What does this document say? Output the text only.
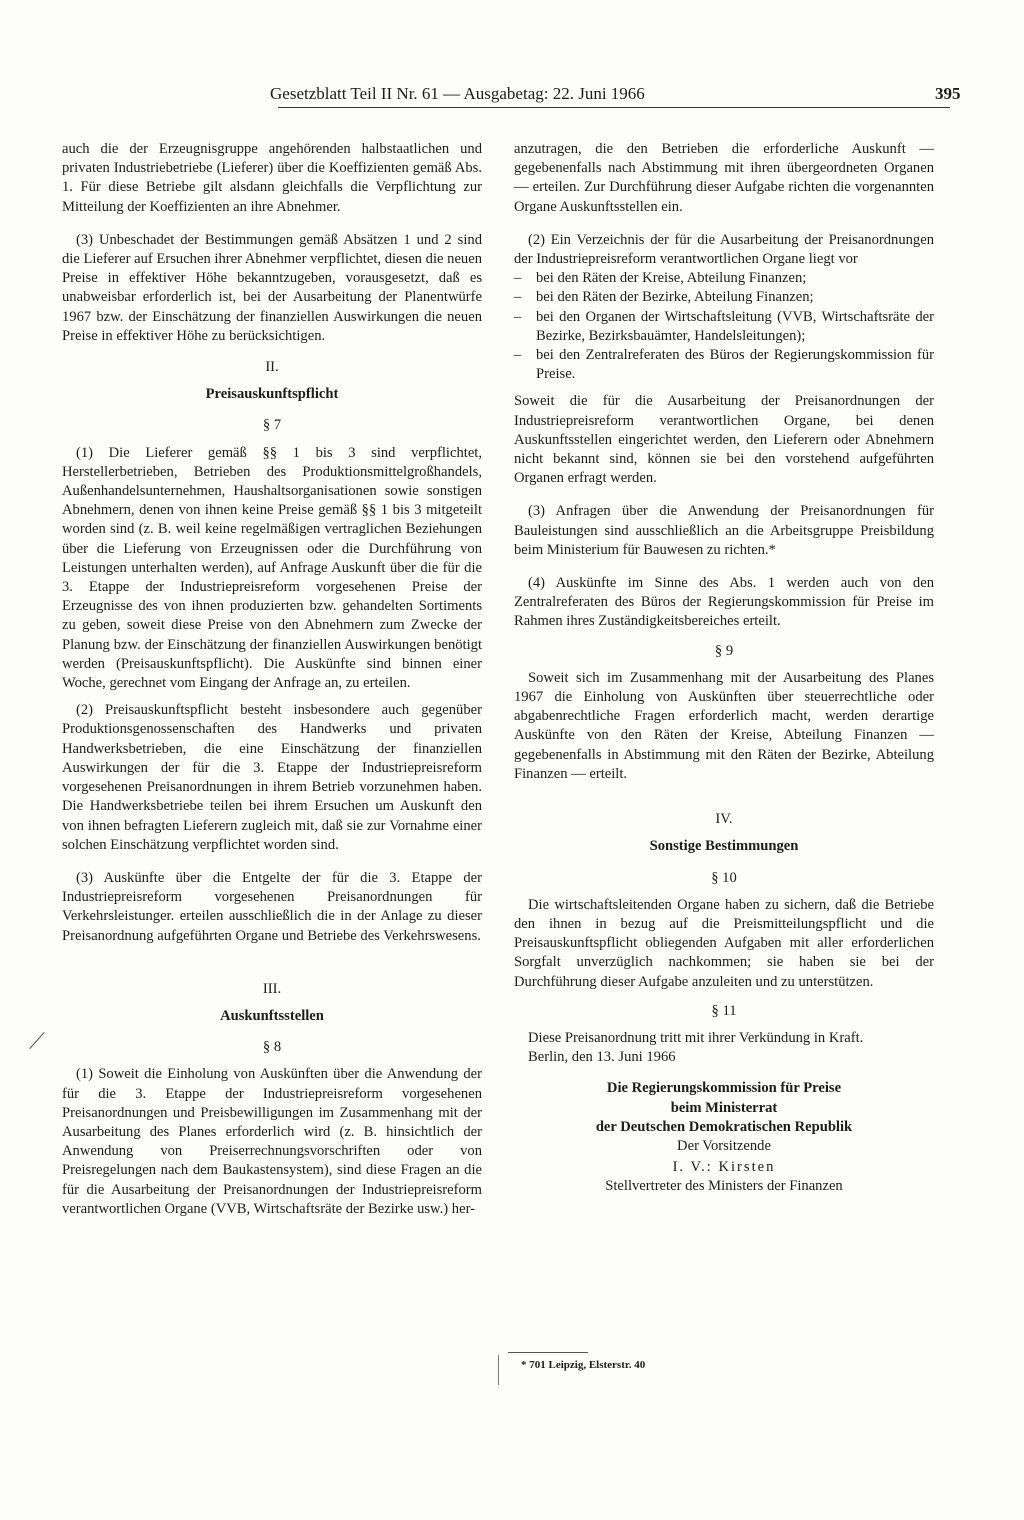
Gesetzblatt Teil II Nr. 61 — Ausgabetag: 22. Juni 1966	395

auch die der Erzeugnisgruppe angehörenden halbstaatlichen und privaten Industriebetriebe (Lieferer) über die Koeffizienten gemäß Abs. 1. Für diese Betriebe gilt alsdann gleichfalls die Verpflichtung zur Mitteilung der Koeffizienten an ihre Abnehmer.

(3) Unbeschadet der Bestimmungen gemäß Absätzen 1 und 2 sind die Lieferer auf Ersuchen ihrer Abnehmer verpflichtet, diesen die neuen Preise in effektiver Höhe bekanntzugeben, vorausgesetzt, daß es unabweisbar erforderlich ist, bei der Ausarbeitung der Planentwürfe 1967 bzw. der Einschätzung der finanziellen Auswirkungen die neuen Preise in effektiver Höhe zu berücksichtigen.

II.
Preisauskunftspflicht
§ 7

(1) Die Lieferer gemäß §§ 1 bis 3 sind verpflichtet, Herstellerbetrieben, Betrieben des Produktionsmittelgroßhandels, Außenhandelsunternehmen, Haushaltsorganisationen sowie sonstigen Abnehmern, denen von ihnen keine Preise gemäß §§ 1 bis 3 mitgeteilt worden sind (z. B. weil keine regelmäßigen vertraglichen Beziehungen über die Lieferung von Erzeugnissen oder die Durchführung von Leistungen unterhalten werden), auf Anfrage Auskunft über die für die 3. Etappe der Industriepreisreform vorgesehenen Preise der Erzeugnisse des von ihnen produzierten bzw. gehandelten Sortiments zu geben, soweit diese Preise von den Abnehmern zum Zwecke der Planung bzw. der Einschätzung der finanziellen Auswirkungen benötigt werden (Preisauskunftspflicht). Die Auskünfte sind binnen einer Woche, gerechnet vom Eingang der Anfrage an, zu erteilen.

(2) Preisauskunftspflicht besteht insbesondere auch gegenüber Produktionsgenossenschaften des Handwerks und privaten Handwerksbetrieben, die eine Einschätzung der finanziellen Auswirkungen der für die 3. Etappe der Industriepreisreform vorgesehenen Preisanordnungen in ihrem Betrieb vorzunehmen haben. Die Handwerksbetriebe teilen bei ihrem Ersuchen um Auskunft den von ihnen befragten Lieferern zugleich mit, daß sie zur Vornahme einer solchen Einschätzung verpflichtet worden sind.

(3) Auskünfte über die Entgelte der für die 3. Etappe der Industriepreisreform vorgesehenen Preisanordnungen für Verkehrsleistunger. erteilen ausschließlich die in der Anlage zu dieser Preisanordnung aufgeführten Organe und Betriebe des Verkehrswesens.

III.
Auskunftsstellen
§ 8

(1) Soweit die Einholung von Auskünften über die Anwendung der für die 3. Etappe der Industriepreisreform vorgesehenen Preisanordnungen und Preisbewilligungen im Zusammenhang mit der Ausarbeitung des Planes erforderlich wird (z. B. hinsichtlich der Anwendung von Preiserrechnungsvorschriften oder von Preisregelungen nach dem Baukastensystem), sind diese Fragen an die für die Ausarbeitung der Preisanordnungen der Industriepreisreform verantwortlichen Organe (VVB, Wirtschaftsräte der Bezirke usw.) her-

anzutragen, die den Betrieben die erforderliche Auskunft — gegebenenfalls nach Abstimmung mit ihren übergeordneten Organen — erteilen. Zur Durchführung dieser Aufgabe richten die vorgenannten Organe Auskunftsstellen ein.

(2) Ein Verzeichnis der für die Ausarbeitung der Preisanordnungen der Industriepreisreform verantwortlichen Organe liegt vor

– bei den Räten der Kreise, Abteilung Finanzen;
– bei den Räten der Bezirke, Abteilung Finanzen;
– bei den Organen der Wirtschaftsleitung (VVB, Wirtschaftsräte der Bezirke, Bezirksbauämter, Handelsleitungen);
– bei den Zentralreferaten des Büros der Regierungskommission für Preise.

Soweit die für die Ausarbeitung der Preisanordnungen der Industriepreisreform verantwortlichen Organe, bei denen Auskunftsstellen eingerichtet werden, den Lieferern oder Abnehmern nicht bekannt sind, können sie bei den vorstehend aufgeführten Organen erfragt werden.

(3) Anfragen über die Anwendung der Preisanordnungen für Bauleistungen sind ausschließlich an die Arbeitsgruppe Preisbildung beim Ministerium für Bauwesen zu richten.*

(4) Auskünfte im Sinne des Abs. 1 werden auch von den Zentralreferaten des Büros der Regierungskommission für Preise im Rahmen ihres Zuständigkeitsbereiches erteilt.

§ 9

Soweit sich im Zusammenhang mit der Ausarbeitung des Planes 1967 die Einholung von Auskünften über steuerrechtliche oder abgabenrechtliche Fragen erforderlich macht, werden derartige Auskünfte von den Räten der Kreise, Abteilung Finanzen — gegebenenfalls in Abstimmung mit den Räten der Bezirke, Abteilung Finanzen — erteilt.

IV.
Sonstige Bestimmungen
§ 10

Die wirtschaftsleitenden Organe haben zu sichern, daß die Betriebe den ihnen in bezug auf die Preismitteilungspflicht und die Preisauskunftspflicht obliegenden Aufgaben mit aller erforderlichen Sorgfalt unverzüglich nachkommen; sie haben sie bei der Durchführung dieser Aufgabe anzuleiten und zu unterstützen.

§ 11

Diese Preisanordnung tritt mit ihrer Verkündung in Kraft.

Berlin, den 13. Juni 1966

Die Regierungskommission für Preise
beim Ministerrat
der Deutschen Demokratischen Republik
Der Vorsitzende
I. V.: Kirsten
Stellvertreter des Ministers der Finanzen
* 701 Leipzig, Elsterstr. 40
